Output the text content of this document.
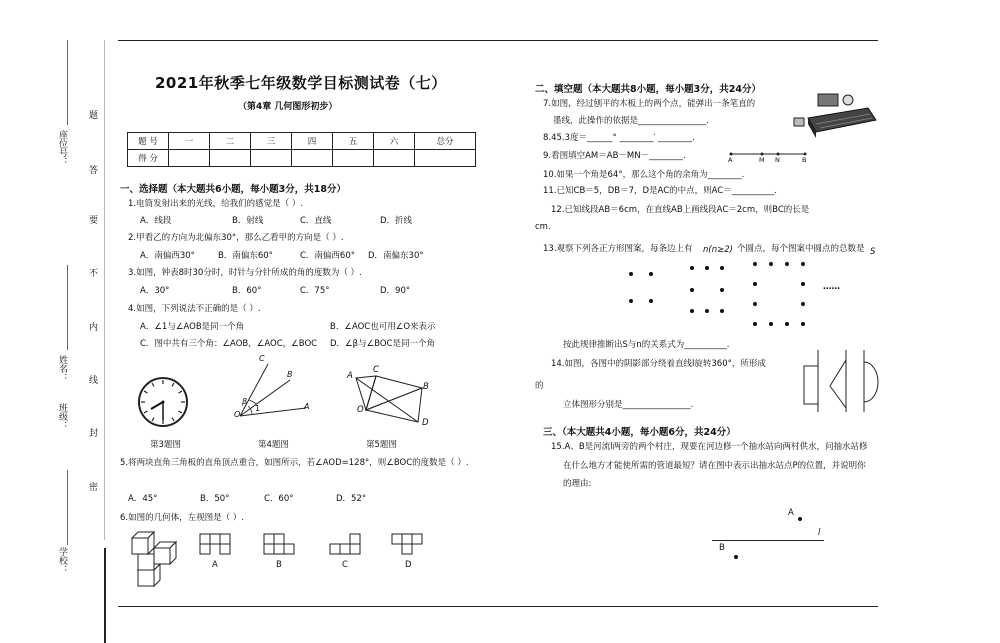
座位号：
姓名：
班级：
学校：
题
答
要
不
内
线
封
密
2021年秋季七年级数学目标测试卷（七）
（第4章 几何图形初步）
题 号	一	二	三	四	五	六	总分
得 分							
一、选择题（本大题共6小题，每小题3分，共18分）
1.电筒发射出来的光线，给我们的感觉是（ ）.
A．线段	B．射线	C．直线	D．折线
2.甲看乙的方向为北偏东30°，那么乙看甲的方向是（ ）.
A．南偏西30°	B．南偏东60°	C．南偏西60° D．南偏东30°
3.如图，钟表8时30分时，时针与分针所成的角的度数为（ ）.
A．30°	B．60°	C．75°	D．90°
4.如图，下列说法不正确的是（ ）.
A．∠1与∠AOB是同一个角	B．∠AOC也可用∠O来表示
C．图中共有三个角：∠AOB，∠AOC，∠BOC D．∠β与∠BOC是同一个角
C
B
β
1
O
A
A
C
B
O
D
第3题图	第4题图	第5题图
5.将两块直角三角板的直角顶点重合，如图所示，若∠AOD=128°，则∠BOC的度数是（ ）.
A．45°	B．50°	C．60°	D．52°
6.如图的几何体，左视图是（ ）.
A	B	C	D
二、填空题（本大题共8小题，每小题3分，共24分）
7.如图，经过刨平的木板上的两个点，能弹出一条笔直的
墨线，此操作的依据是________________.
8.45.3度＝______° ________′ ________.
9.看图填空AM＝AB－MN－________.	A	M N	B
10.如果一个角是64°，那么这个角的余角为________.
11.已知CB＝5，DB＝7，D是AC的中点，则AC＝__________.
12.已知线段AB＝6cm，在直线AB上画线段AC＝2cm，则BC的长是
cm.
13.观察下列各正方形图案，每条边上有 n(n≥2) 个圆点，每个图案中圆点的总数是 S
……
按此规律推断出S与n的关系式为__________.
14.如图，各图中的阴影部分绕着直线l旋转360°，所形成
的
立体图形分别是________________.
三、（本大题共4小题，每小题6分，共24分）
15.A、B是河流l两旁的两个村庄，现要在河边修一个抽水站向两村供水，问抽水站修
在什么地方才能使所需的管道最短？请在图中表示出抽水站点P的位置，并说明你
的理由:
A
l
B
